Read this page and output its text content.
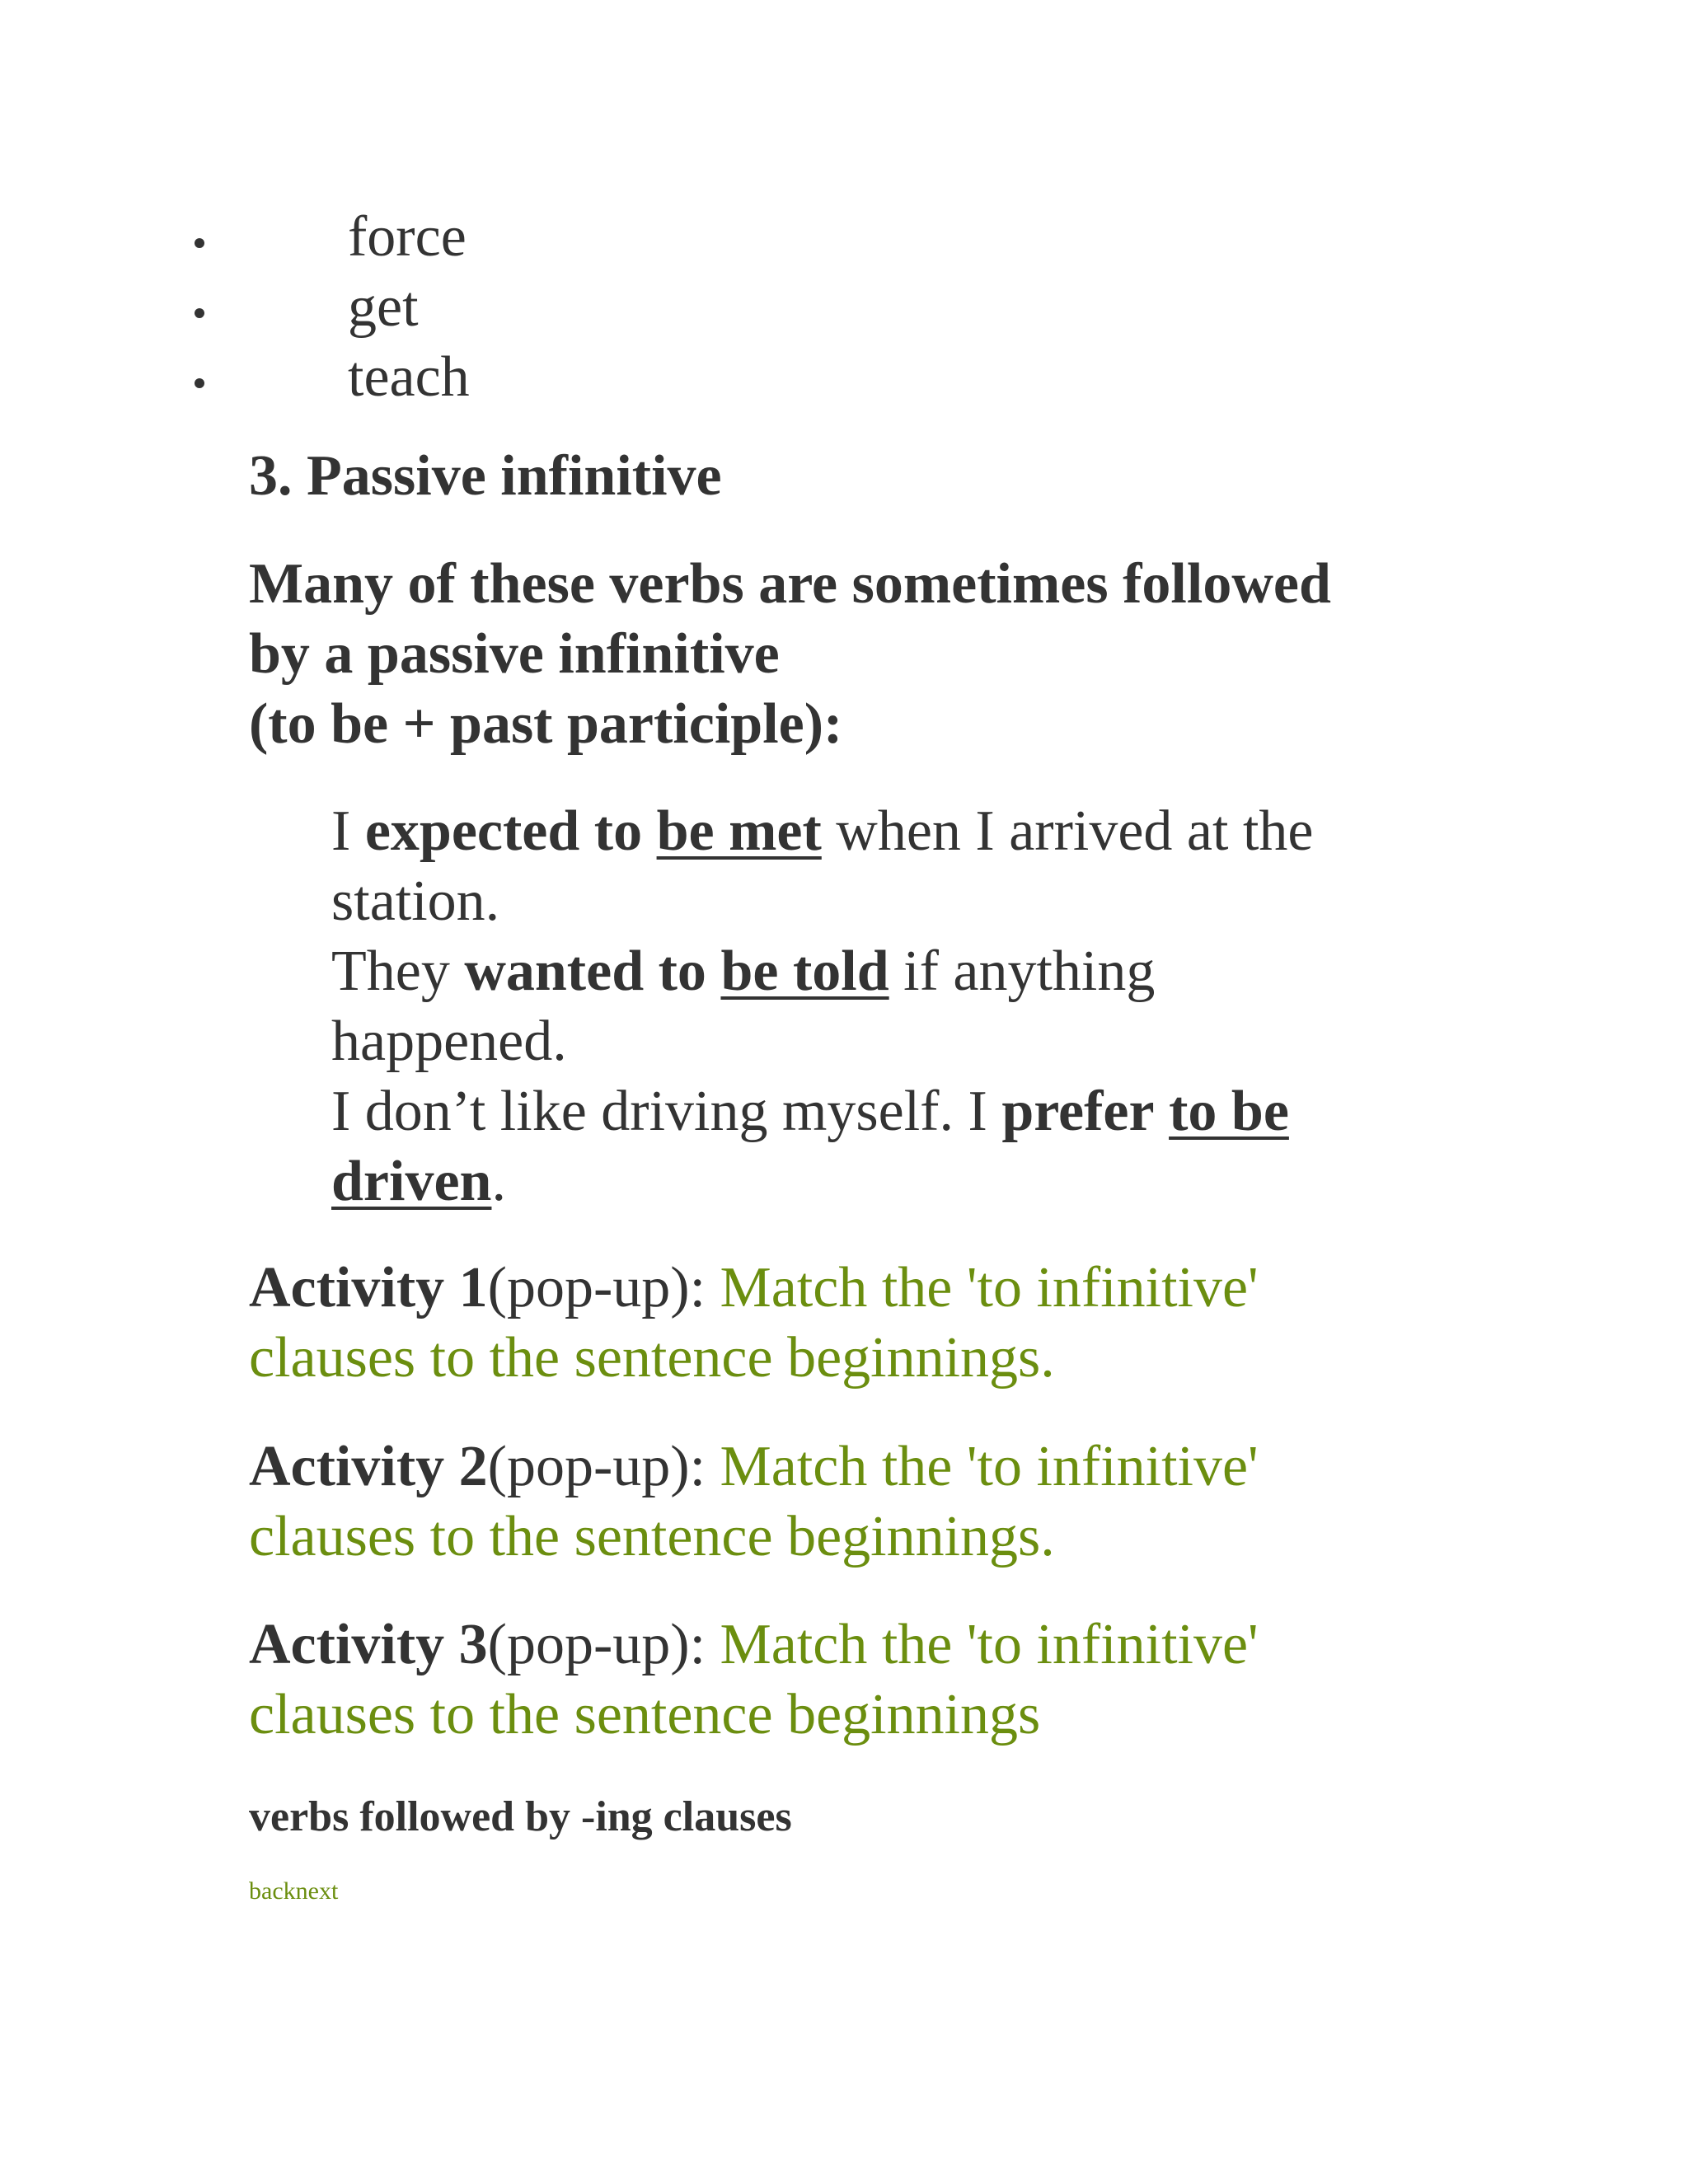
force
get
teach
3. Passive infinitive
Many of these verbs are sometimes followed
by a passive infinitive
(to be + past participle):
I expected to be met when I arrived at the
station.
They wanted to be told if anything
happened.
I don’t like driving myself. I prefer to be
driven.
Activity 1(pop-up): Match the 'to infinitive'
clauses to the sentence beginnings.
Activity 2(pop-up): Match the 'to infinitive'
clauses to the sentence beginnings.
Activity 3(pop-up): Match the 'to infinitive'
clauses to the sentence beginnings
verbs followed by -ing clauses
backnext
